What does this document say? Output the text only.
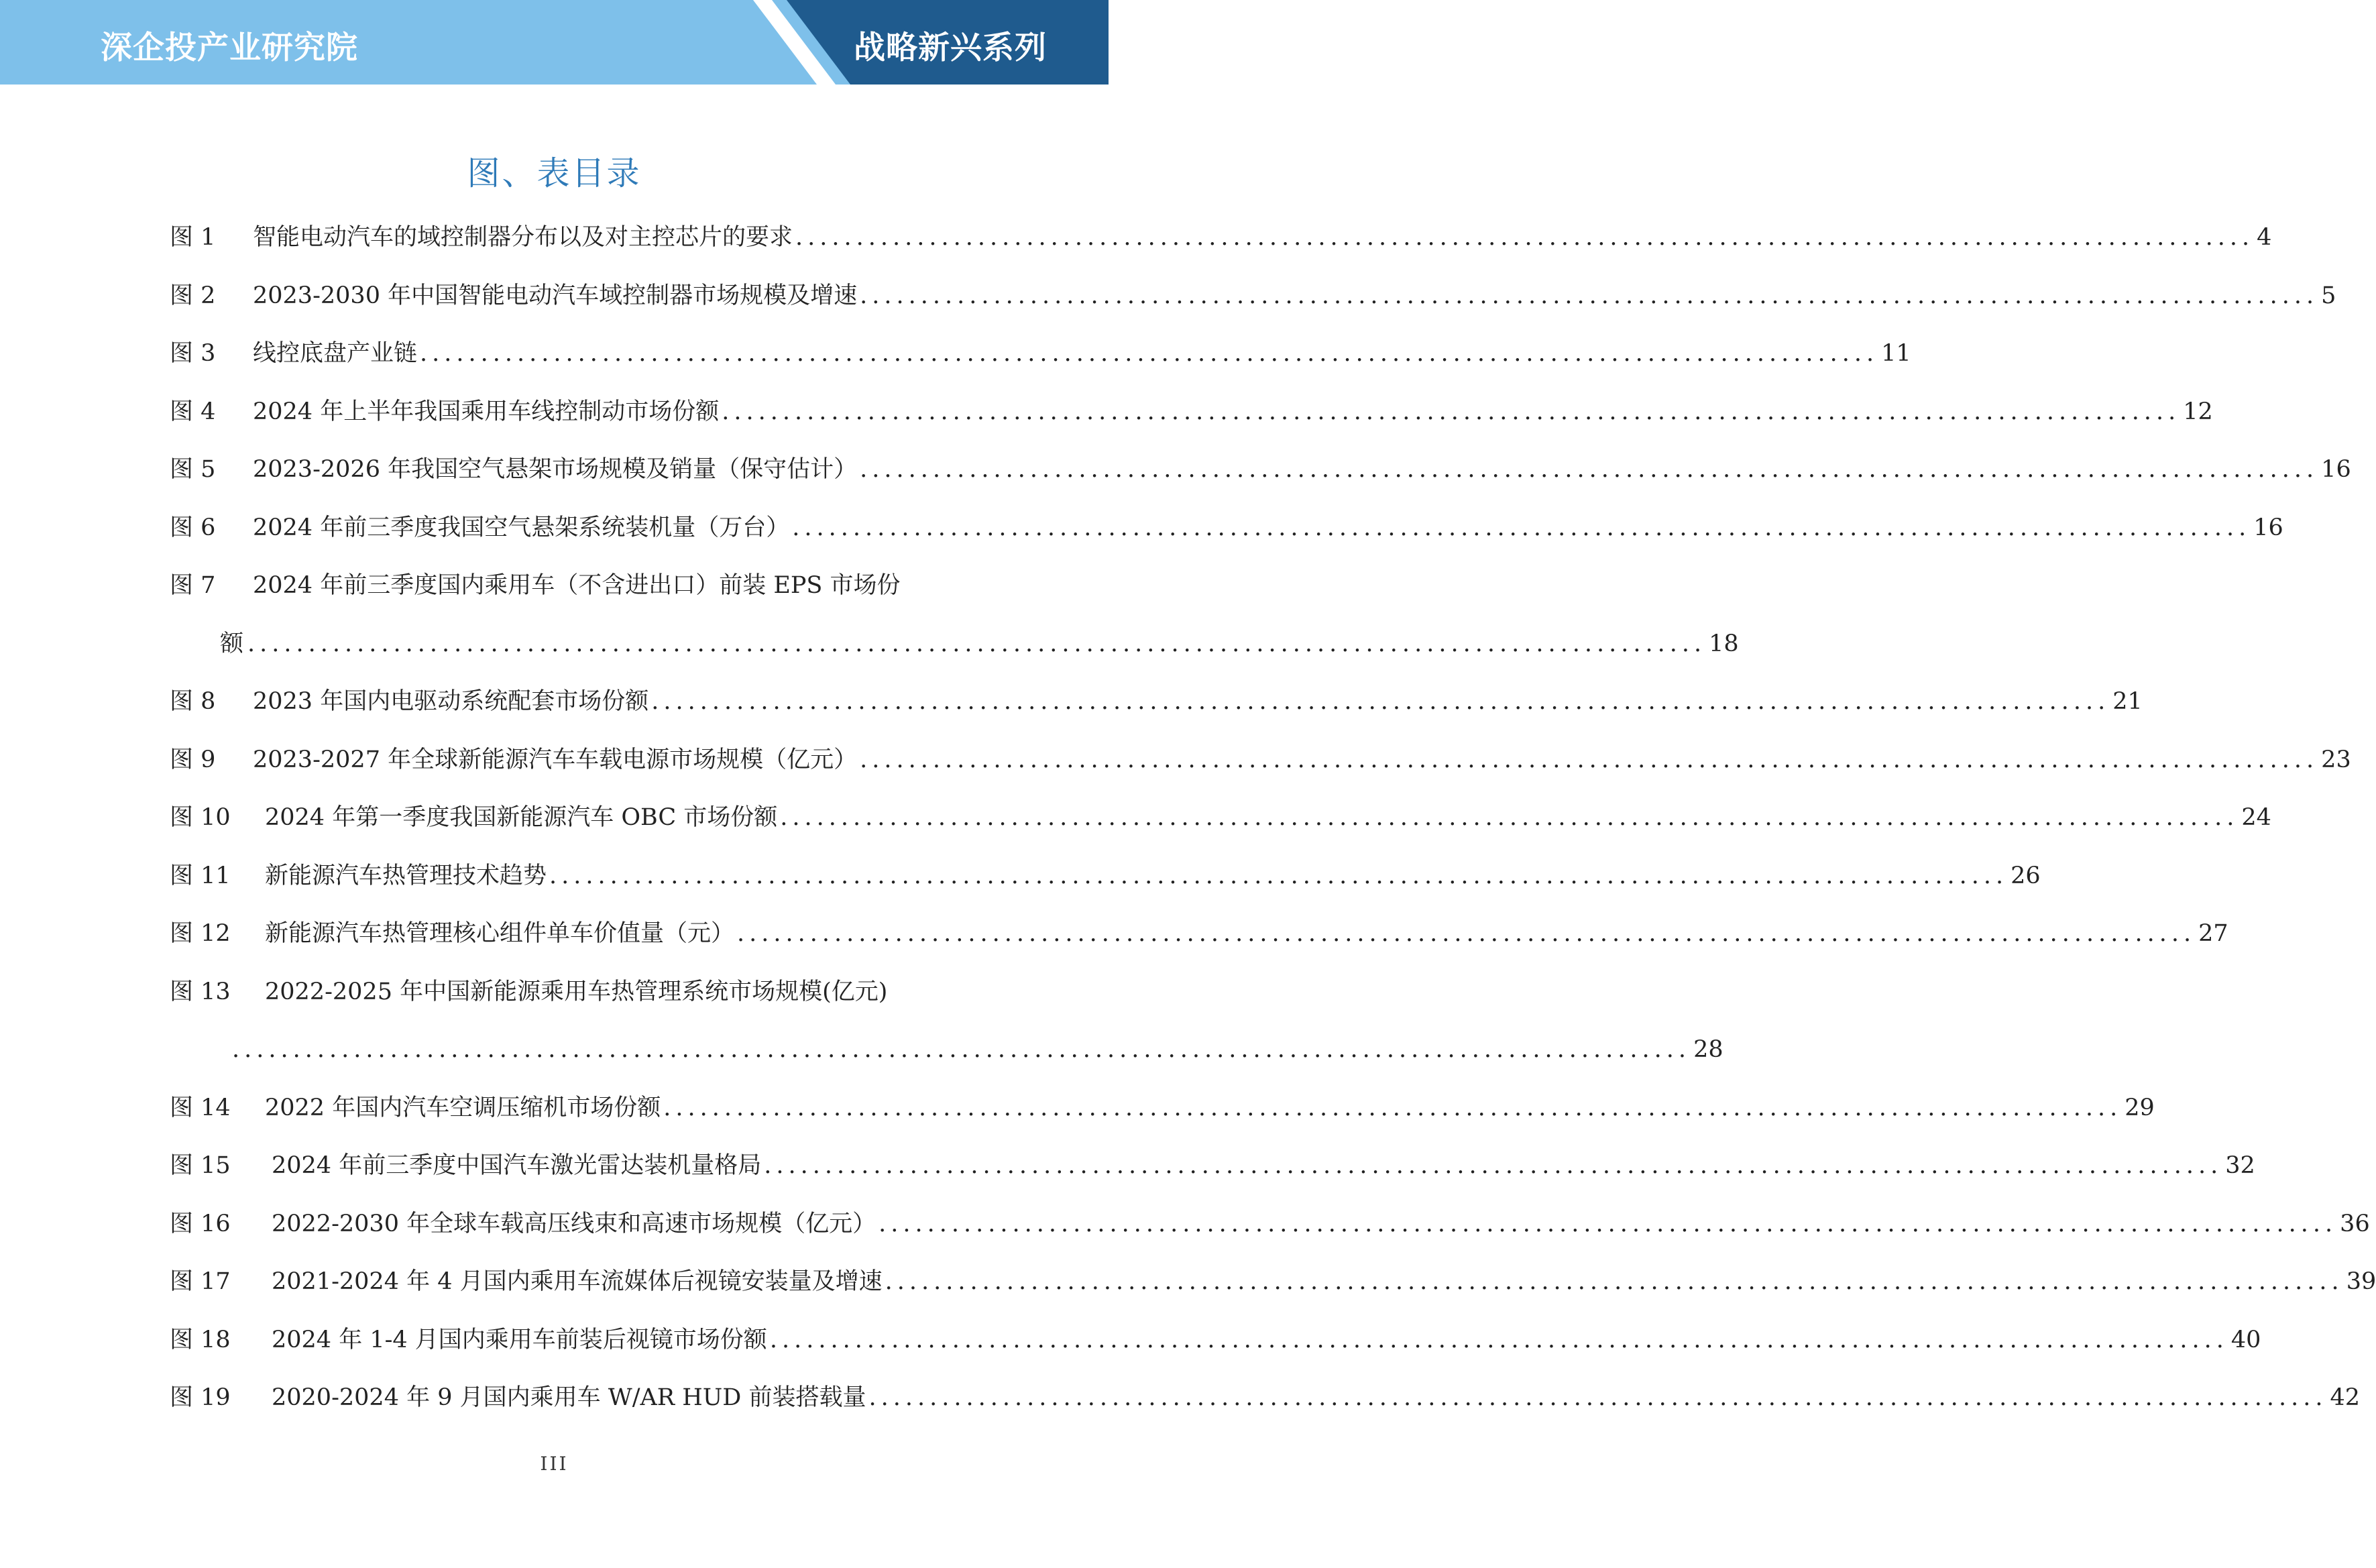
深企投产业研究院	战略新兴系列
图、表目录
图 1 智能电动汽车的域控制器分布以及对主控芯片的要求 ........................................................................................................................ 4
图 2 2023-2030 年中国智能电动汽车域控制器市场规模及增速 ........................................................................................................................ 5
图 3 线控底盘产业链 ........................................................................................................................ 11
图 4 2024 年上半年我国乘用车线控制动市场份额 ........................................................................................................................ 12
图 5 2023-2026 年我国空气悬架市场规模及销量（保守估计） ........................................................................................................................ 16
图 6 2024 年前三季度我国空气悬架系统装机量（万台） ........................................................................................................................ 16
图 7 2024 年前三季度国内乘用车（不含进出口）前装 EPS 市场份
额 ........................................................................................................................ 18
图 8 2023 年国内电驱动系统配套市场份额 ........................................................................................................................ 21
图 9 2023-2027 年全球新能源汽车车载电源市场规模（亿元） ........................................................................................................................ 23
图 10 2024 年第一季度我国新能源汽车 OBC 市场份额 ........................................................................................................................ 24
图 11 新能源汽车热管理技术趋势 ........................................................................................................................ 26
图 12 新能源汽车热管理核心组件单车价值量（元） ........................................................................................................................ 27
图 13 2022-2025 年中国新能源乘用车热管理系统市场规模(亿元)
........................................................................................................................ 28
图 14 2022 年国内汽车空调压缩机市场份额 ........................................................................................................................ 29
图 15 2024 年前三季度中国汽车激光雷达装机量格局 ........................................................................................................................ 32
图 16 2022-2030 年全球车载高压线束和高速市场规模（亿元） ........................................................................................................................ 36
图 17 2021-2024 年 4 月国内乘用车流媒体后视镜安装量及增速 ........................................................................................................................ 39
图 18 2024 年 1-4 月国内乘用车前装后视镜市场份额 ........................................................................................................................ 40
图 19 2020-2024 年 9 月国内乘用车 W/AR HUD 前装搭载量 ........................................................................................................................ 42
III
